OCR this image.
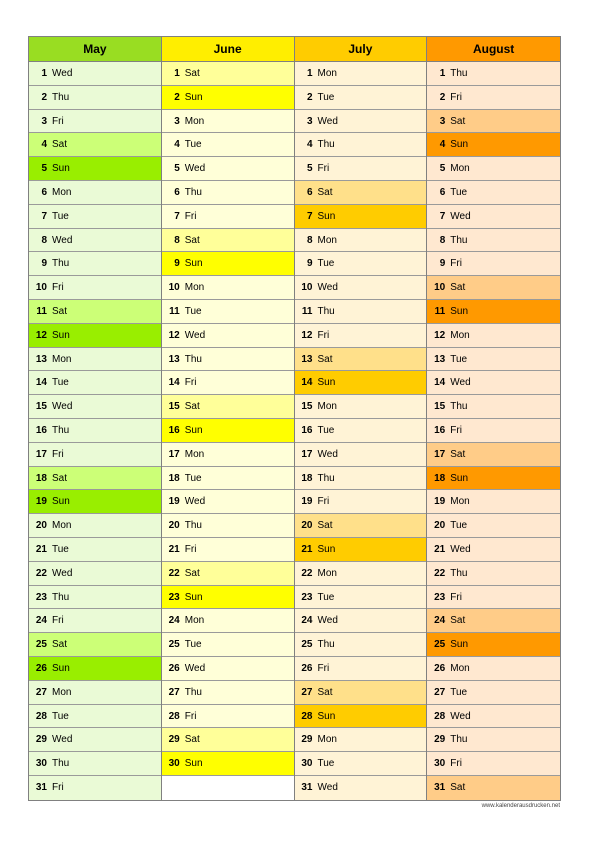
May
1 Wed
2 Thu
3 Fri
4 Sat
5 Sun
6 Mon
7 Tue
8 Wed
9 Thu
10 Fri
11 Sat
12 Sun
13 Mon
14 Tue
15 Wed
16 Thu
17 Fri
18 Sat
19 Sun
20 Mon
21 Tue
22 Wed
23 Thu
24 Fri
25 Sat
26 Sun
27 Mon
28 Tue
29 Wed
30 Thu
31 Fri
June
1 Sat
2 Sun
3 Mon
4 Tue
5 Wed
6 Thu
7 Fri
8 Sat
9 Sun
10 Mon
11 Tue
12 Wed
13 Thu
14 Fri
15 Sat
16 Sun
17 Mon
18 Tue
19 Wed
20 Thu
21 Fri
22 Sat
23 Sun
24 Mon
25 Tue
26 Wed
27 Thu
28 Fri
29 Sat
30 Sun
July
1 Mon
2 Tue
3 Wed
4 Thu
5 Fri
6 Sat
7 Sun
8 Mon
9 Tue
10 Wed
11 Thu
12 Fri
13 Sat
14 Sun
15 Mon
16 Tue
17 Wed
18 Thu
19 Fri
20 Sat
21 Sun
22 Mon
23 Tue
24 Wed
25 Thu
26 Fri
27 Sat
28 Sun
29 Mon
30 Tue
31 Wed
August
1 Thu
2 Fri
3 Sat
4 Sun
5 Mon
6 Tue
7 Wed
8 Thu
9 Fri
10 Sat
11 Sun
12 Mon
13 Tue
14 Wed
15 Thu
16 Fri
17 Sat
18 Sun
19 Mon
20 Tue
21 Wed
22 Thu
23 Fri
24 Sat
25 Sun
26 Mon
27 Tue
28 Wed
29 Thu
30 Fri
31 Sat
www.kalenderausdrucken.net
